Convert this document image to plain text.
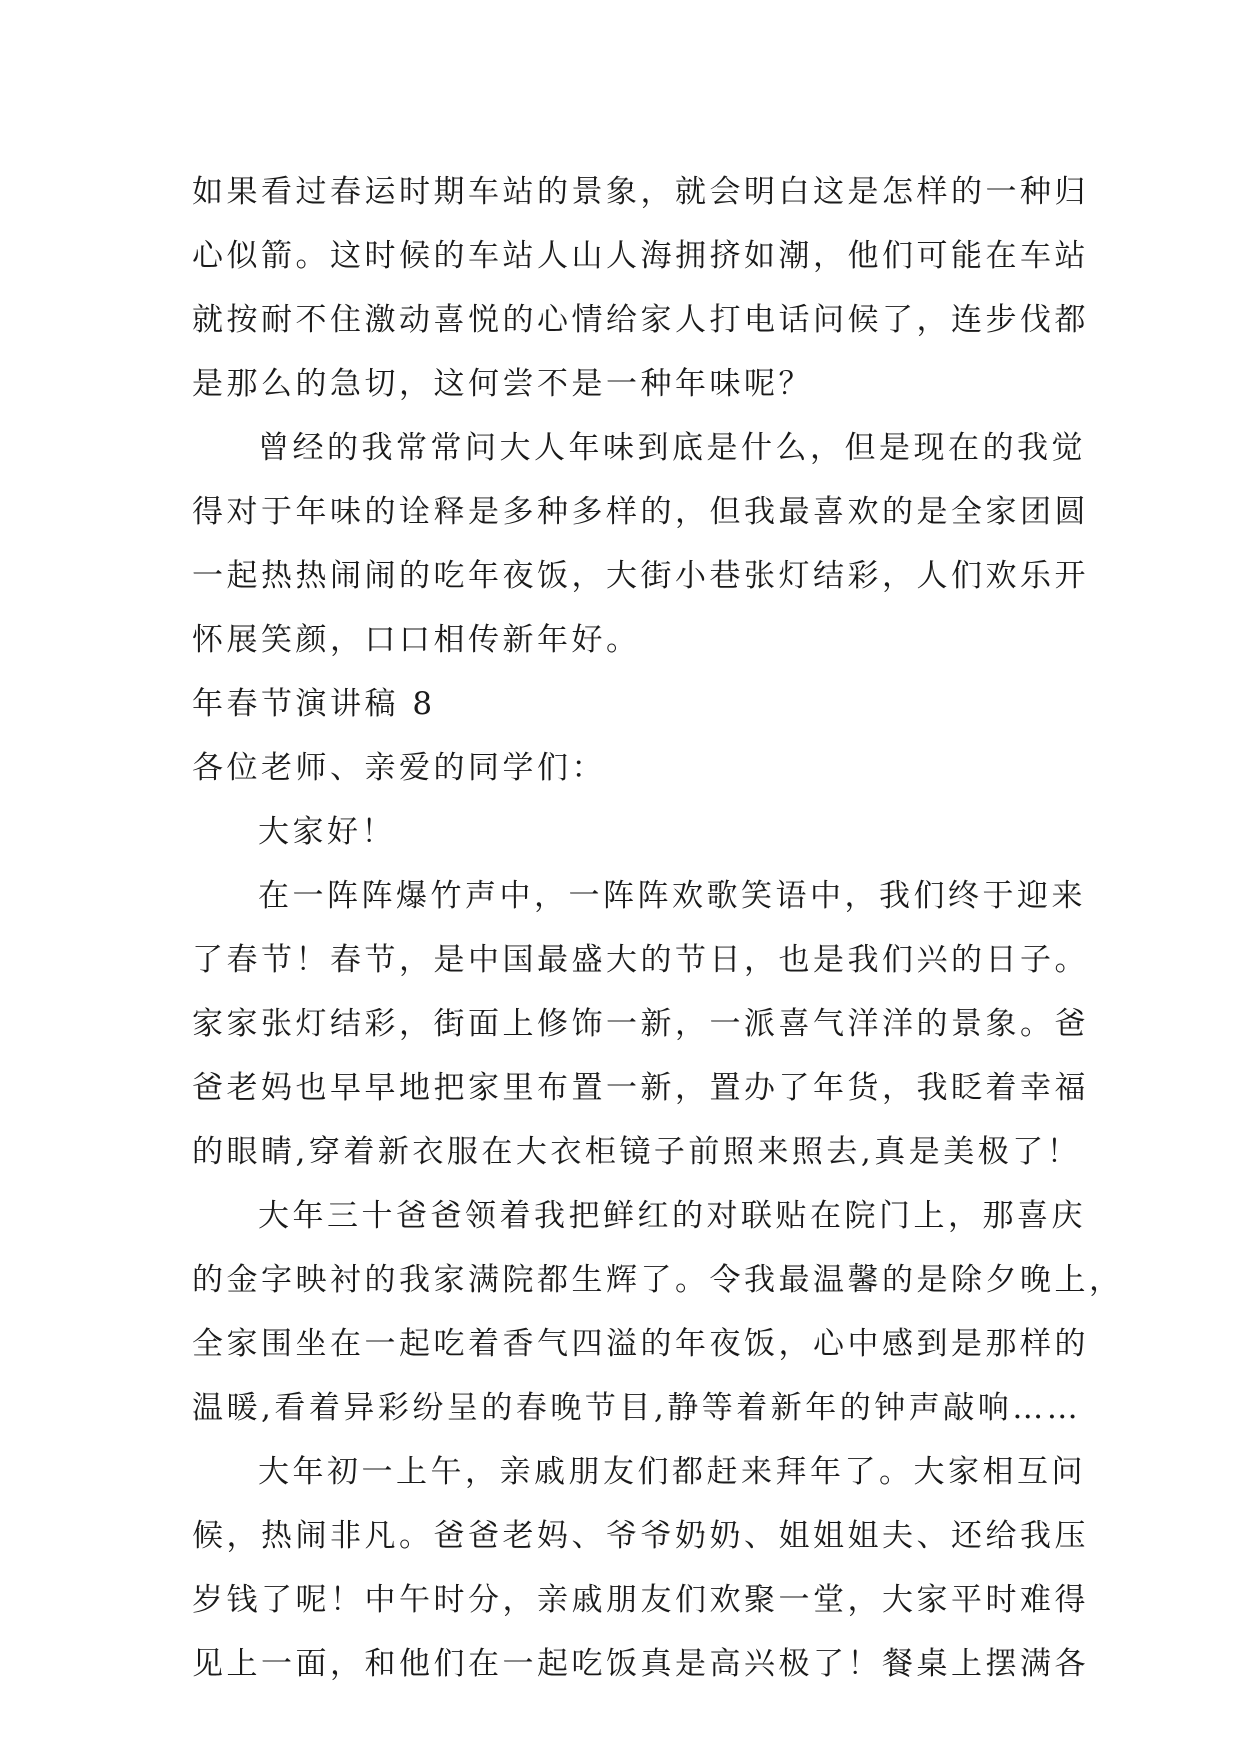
如果看过春运时期车站的景象，就会明白这是怎样的一种归
心似箭。这时候的车站人山人海拥挤如潮，他们可能在车站
就按耐不住激动喜悦的心情给家人打电话问候了，连步伐都
是那么的急切，这何尝不是一种年味呢？
曾经的我常常问大人年味到底是什么，但是现在的我觉
得对于年味的诠释是多种多样的，但我最喜欢的是全家团圆
一起热热闹闹的吃年夜饭，大街小巷张灯结彩，人们欢乐开
怀展笑颜，口口相传新年好。
年春节演讲稿 8
各位老师、亲爱的同学们：
大家好！
在一阵阵爆竹声中，一阵阵欢歌笑语中，我们终于迎来
了春节！春节，是中国最盛大的节日，也是我们兴的日子。
家家张灯结彩，街面上修饰一新，一派喜气洋洋的景象。爸
爸老妈也早早地把家里布置一新，置办了年货，我眨着幸福
的眼睛,穿着新衣服在大衣柜镜子前照来照去,真是美极了！
大年三十爸爸领着我把鲜红的对联贴在院门上，那喜庆
的金字映衬的我家满院都生辉了。令我最温馨的是除夕晚上，
全家围坐在一起吃着香气四溢的年夜饭，心中感到是那样的
温暖,看着异彩纷呈的春晚节目,静等着新年的钟声敲响……
大年初一上午，亲戚朋友们都赶来拜年了。大家相互问
候，热闹非凡。爸爸老妈、爷爷奶奶、姐姐姐夫、还给我压
岁钱了呢！中午时分，亲戚朋友们欢聚一堂，大家平时难得
见上一面，和他们在一起吃饭真是高兴极了！餐桌上摆满各
